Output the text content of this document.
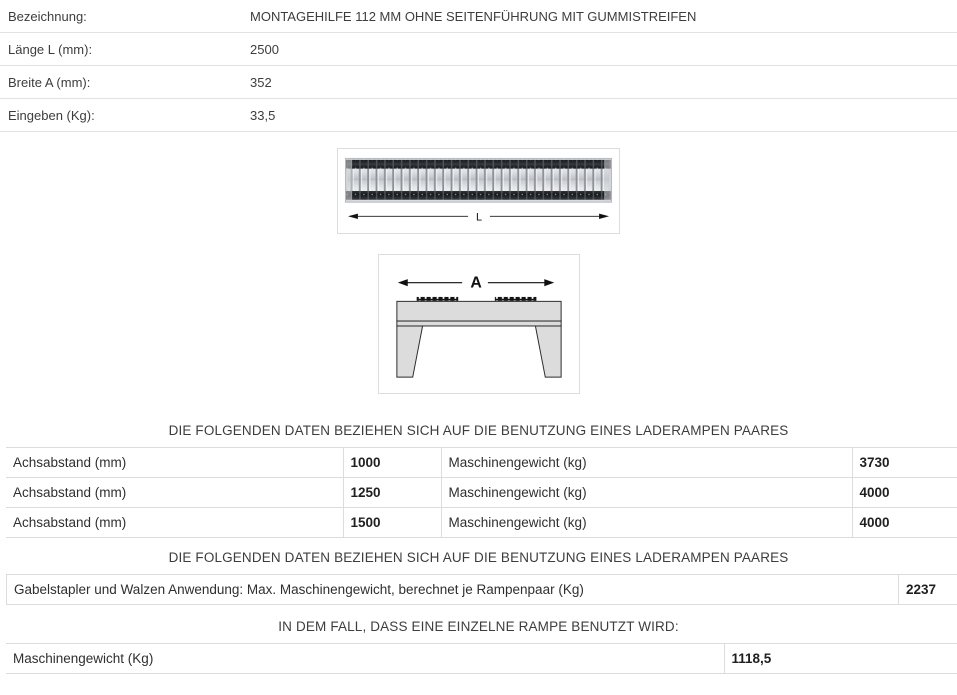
Bezeichnung:	MONTAGEHILFE 112 MM OHNE SEITENFÜHRUNG MIT GUMMISTREIFEN
Länge L (mm):	2500
Breite A (mm):	352
Eingeben (Kg):	33,5
L
A
DIE FOLGENDEN DATEN BEZIEHEN SICH AUF DIE BENUTZUNG EINES LADERAMPEN PAARES
Achsabstand (mm)	1000	Maschinengewicht (kg)	3730
Achsabstand (mm)	1250	Maschinengewicht (kg)	4000
Achsabstand (mm)	1500	Maschinengewicht (kg)	4000
DIE FOLGENDEN DATEN BEZIEHEN SICH AUF DIE BENUTZUNG EINES LADERAMPEN PAARES
Gabelstapler und Walzen Anwendung: Max. Maschinengewicht, berechnet je Rampenpaar (Kg)	2237
IN DEM FALL, DASS EINE EINZELNE RAMPE BENUTZT WIRD:
Maschinengewicht (Kg)	1118,5
